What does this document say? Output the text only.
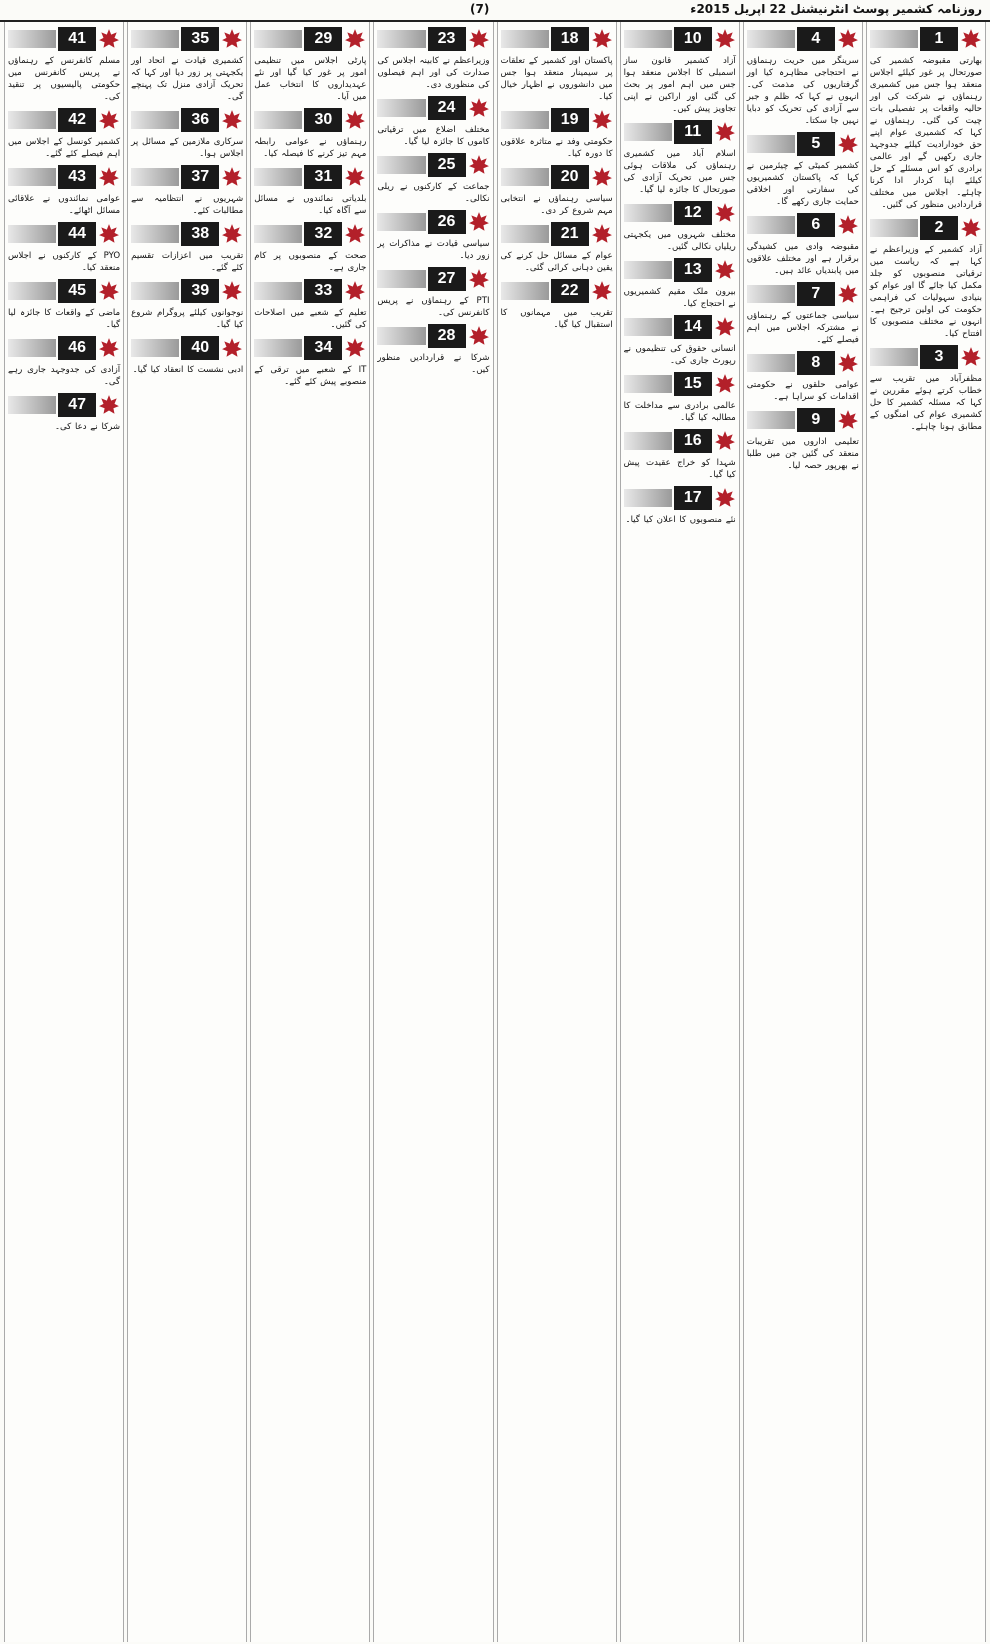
(7)	روزنامہ کشمیر پوسٹ انٹرنیشنل 22 اپریل 2015ء
1

بھارتی مقبوضہ کشمیر کی صورتحال پر غور کیلئے اجلاس منعقد ہوا جس میں کشمیری رہنماؤں نے شرکت کی اور حالیہ واقعات پر تفصیلی بات چیت کی گئی۔ رہنماؤں نے کہا کہ کشمیری عوام اپنے حق خودارادیت کیلئے جدوجہد جاری رکھیں گے اور عالمی برادری کو اس مسئلے کے حل کیلئے اپنا کردار ادا کرنا چاہئے۔ اجلاس میں مختلف قراردادیں منظور کی گئیں۔

2

آزاد کشمیر کے وزیراعظم نے کہا ہے کہ ریاست میں ترقیاتی منصوبوں کو جلد مکمل کیا جائے گا اور عوام کو بنیادی سہولیات کی فراہمی حکومت کی اولین ترجیح ہے۔ انہوں نے مختلف منصوبوں کا افتتاح کیا۔

3

مظفرآباد میں تقریب سے خطاب کرتے ہوئے مقررین نے کہا کہ مسئلہ کشمیر کا حل کشمیری عوام کی امنگوں کے مطابق ہونا چاہئے۔

4

سرینگر میں حریت رہنماؤں نے احتجاجی مظاہرہ کیا اور گرفتاریوں کی مذمت کی۔ انہوں نے کہا کہ ظلم و جبر سے آزادی کی تحریک کو دبایا نہیں جا سکتا۔

5

کشمیر کمیٹی کے چیئرمین نے کہا کہ پاکستان کشمیریوں کی سفارتی اور اخلاقی حمایت جاری رکھے گا۔

6

مقبوضہ وادی میں کشیدگی برقرار ہے اور مختلف علاقوں میں پابندیاں عائد ہیں۔

7

سیاسی جماعتوں کے رہنماؤں نے مشترکہ اجلاس میں اہم فیصلے کئے۔

8

عوامی حلقوں نے حکومتی اقدامات کو سراہا ہے۔

9

تعلیمی اداروں میں تقریبات منعقد کی گئیں جن میں طلبا نے بھرپور حصہ لیا۔

10

آزاد کشمیر قانون ساز اسمبلی کا اجلاس منعقد ہوا جس میں اہم امور پر بحث کی گئی اور اراکین نے اپنی تجاویز پیش کیں۔

11

اسلام آباد میں کشمیری رہنماؤں کی ملاقات ہوئی جس میں تحریک آزادی کی صورتحال کا جائزہ لیا گیا۔

12

مختلف شہروں میں یکجہتی ریلیاں نکالی گئیں۔

13

بیرون ملک مقیم کشمیریوں نے احتجاج کیا۔

14

انسانی حقوق کی تنظیموں نے رپورٹ جاری کی۔

15

عالمی برادری سے مداخلت کا مطالبہ کیا گیا۔

16

شہدا کو خراج عقیدت پیش کیا گیا۔

17

نئے منصوبوں کا اعلان کیا گیا۔

18

پاکستان اور کشمیر کے تعلقات پر سیمینار منعقد ہوا جس میں دانشوروں نے اظہار خیال کیا۔

19

حکومتی وفد نے متاثرہ علاقوں کا دورہ کیا۔

20

سیاسی رہنماؤں نے انتخابی مہم شروع کر دی۔

21

عوام کے مسائل حل کرنے کی یقین دہانی کرائی گئی۔

22

تقریب میں مہمانوں کا استقبال کیا گیا۔

23

وزیراعظم نے کابینہ اجلاس کی صدارت کی اور اہم فیصلوں کی منظوری دی۔

24

مختلف اضلاع میں ترقیاتی کاموں کا جائزہ لیا گیا۔

25

جماعت کے کارکنوں نے ریلی نکالی۔

26

سیاسی قیادت نے مذاکرات پر زور دیا۔

27

PTI کے رہنماؤں نے پریس کانفرنس کی۔

28

شرکا نے قراردادیں منظور کیں۔

29

پارٹی اجلاس میں تنظیمی امور پر غور کیا گیا اور نئے عہدیداروں کا انتخاب عمل میں آیا۔

30

رہنماؤں نے عوامی رابطہ مہم تیز کرنے کا فیصلہ کیا۔

31

بلدیاتی نمائندوں نے مسائل سے آگاہ کیا۔

32

صحت کے منصوبوں پر کام جاری ہے۔

33

تعلیم کے شعبے میں اصلاحات کی گئیں۔

34

IT کے شعبے میں ترقی کے منصوبے پیش کئے گئے۔

35

کشمیری قیادت نے اتحاد اور یکجہتی پر زور دیا اور کہا کہ تحریک آزادی منزل تک پہنچے گی۔

36

سرکاری ملازمین کے مسائل پر اجلاس ہوا۔

37

شہریوں نے انتظامیہ سے مطالبات کئے۔

38

تقریب میں اعزازات تقسیم کئے گئے۔

39

نوجوانوں کیلئے پروگرام شروع کیا گیا۔

40

ادبی نشست کا انعقاد کیا گیا۔

41

مسلم کانفرنس کے رہنماؤں نے پریس کانفرنس میں حکومتی پالیسیوں پر تنقید کی۔

42

کشمیر کونسل کے اجلاس میں اہم فیصلے کئے گئے۔

43

عوامی نمائندوں نے علاقائی مسائل اٹھائے۔

44

PYO کے کارکنوں نے اجلاس منعقد کیا۔

45

ماضی کے واقعات کا جائزہ لیا گیا۔

46

آزادی کی جدوجہد جاری رہے گی۔

47

شرکا نے دعا کی۔
